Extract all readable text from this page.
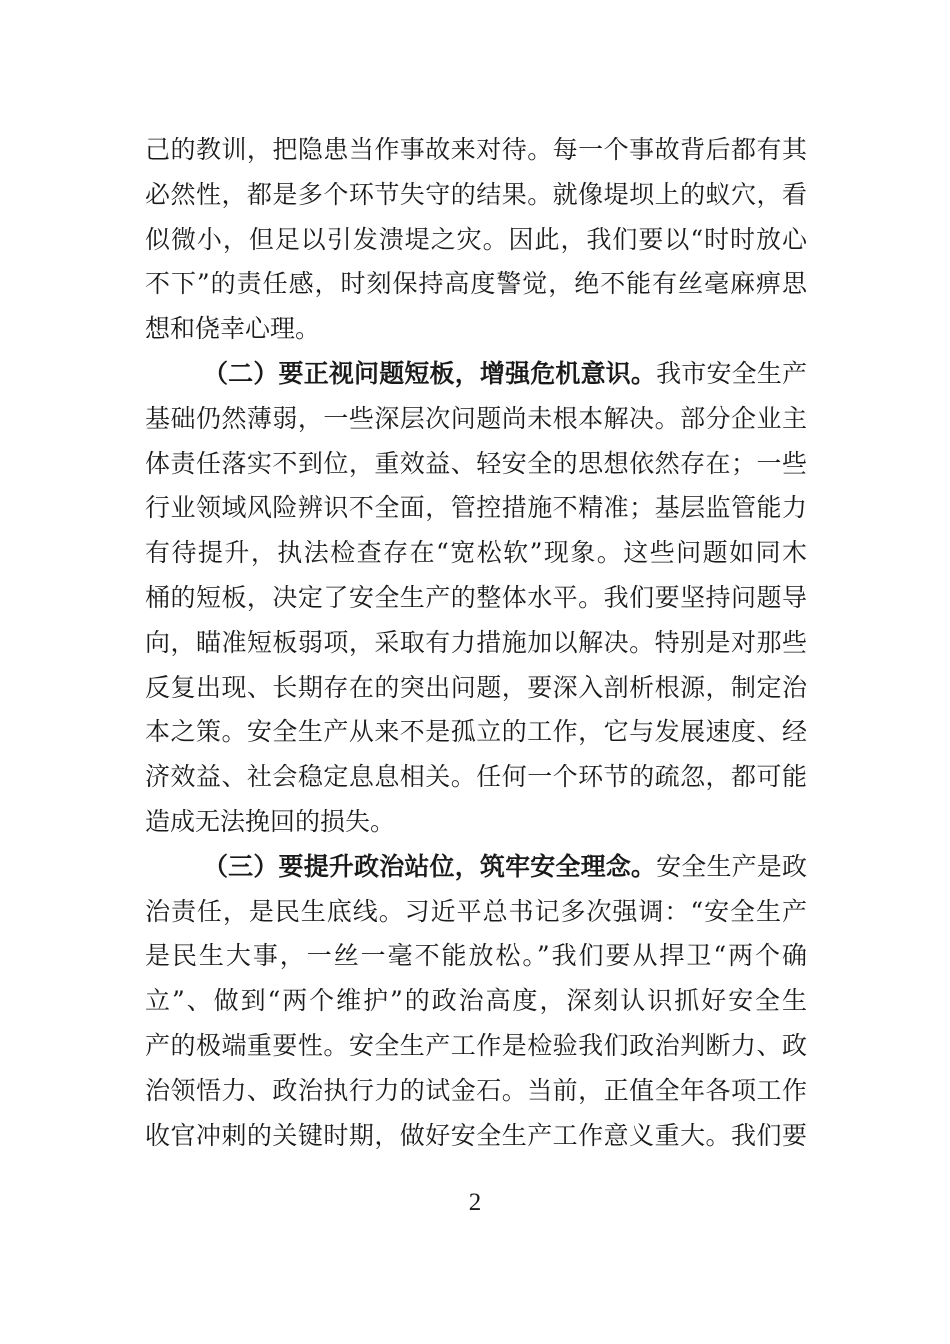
己的教训，把隐患当作事故来对待。每一个事故背后都有其
必然性，都是多个环节失守的结果。就像堤坝上的蚁穴，看
似微小，但足以引发溃堤之灾。因此，我们要以“时时放心
不下”的责任感，时刻保持高度警觉，绝不能有丝毫麻痹思
想和侥幸心理。
（二）要正视问题短板，增强危机意识。我市安全生产
基础仍然薄弱，一些深层次问题尚未根本解决。部分企业主
体责任落实不到位，重效益、轻安全的思想依然存在；一些
行业领域风险辨识不全面，管控措施不精准；基层监管能力
有待提升，执法检查存在“宽松软”现象。这些问题如同木
桶的短板，决定了安全生产的整体水平。我们要坚持问题导
向，瞄准短板弱项，采取有力措施加以解决。特别是对那些
反复出现、长期存在的突出问题，要深入剖析根源，制定治
本之策。安全生产从来不是孤立的工作，它与发展速度、经
济效益、社会稳定息息相关。任何一个环节的疏忽，都可能
造成无法挽回的损失。
（三）要提升政治站位，筑牢安全理念。安全生产是政
治责任，是民生底线。习近平总书记多次强调：“安全生产
是民生大事，一丝一毫不能放松。”我们要从捍卫“两个确
立”、做到“两个维护”的政治高度，深刻认识抓好安全生
产的极端重要性。安全生产工作是检验我们政治判断力、政
治领悟力、政治执行力的试金石。当前，正值全年各项工作
收官冲刺的关键时期，做好安全生产工作意义重大。我们要
2
